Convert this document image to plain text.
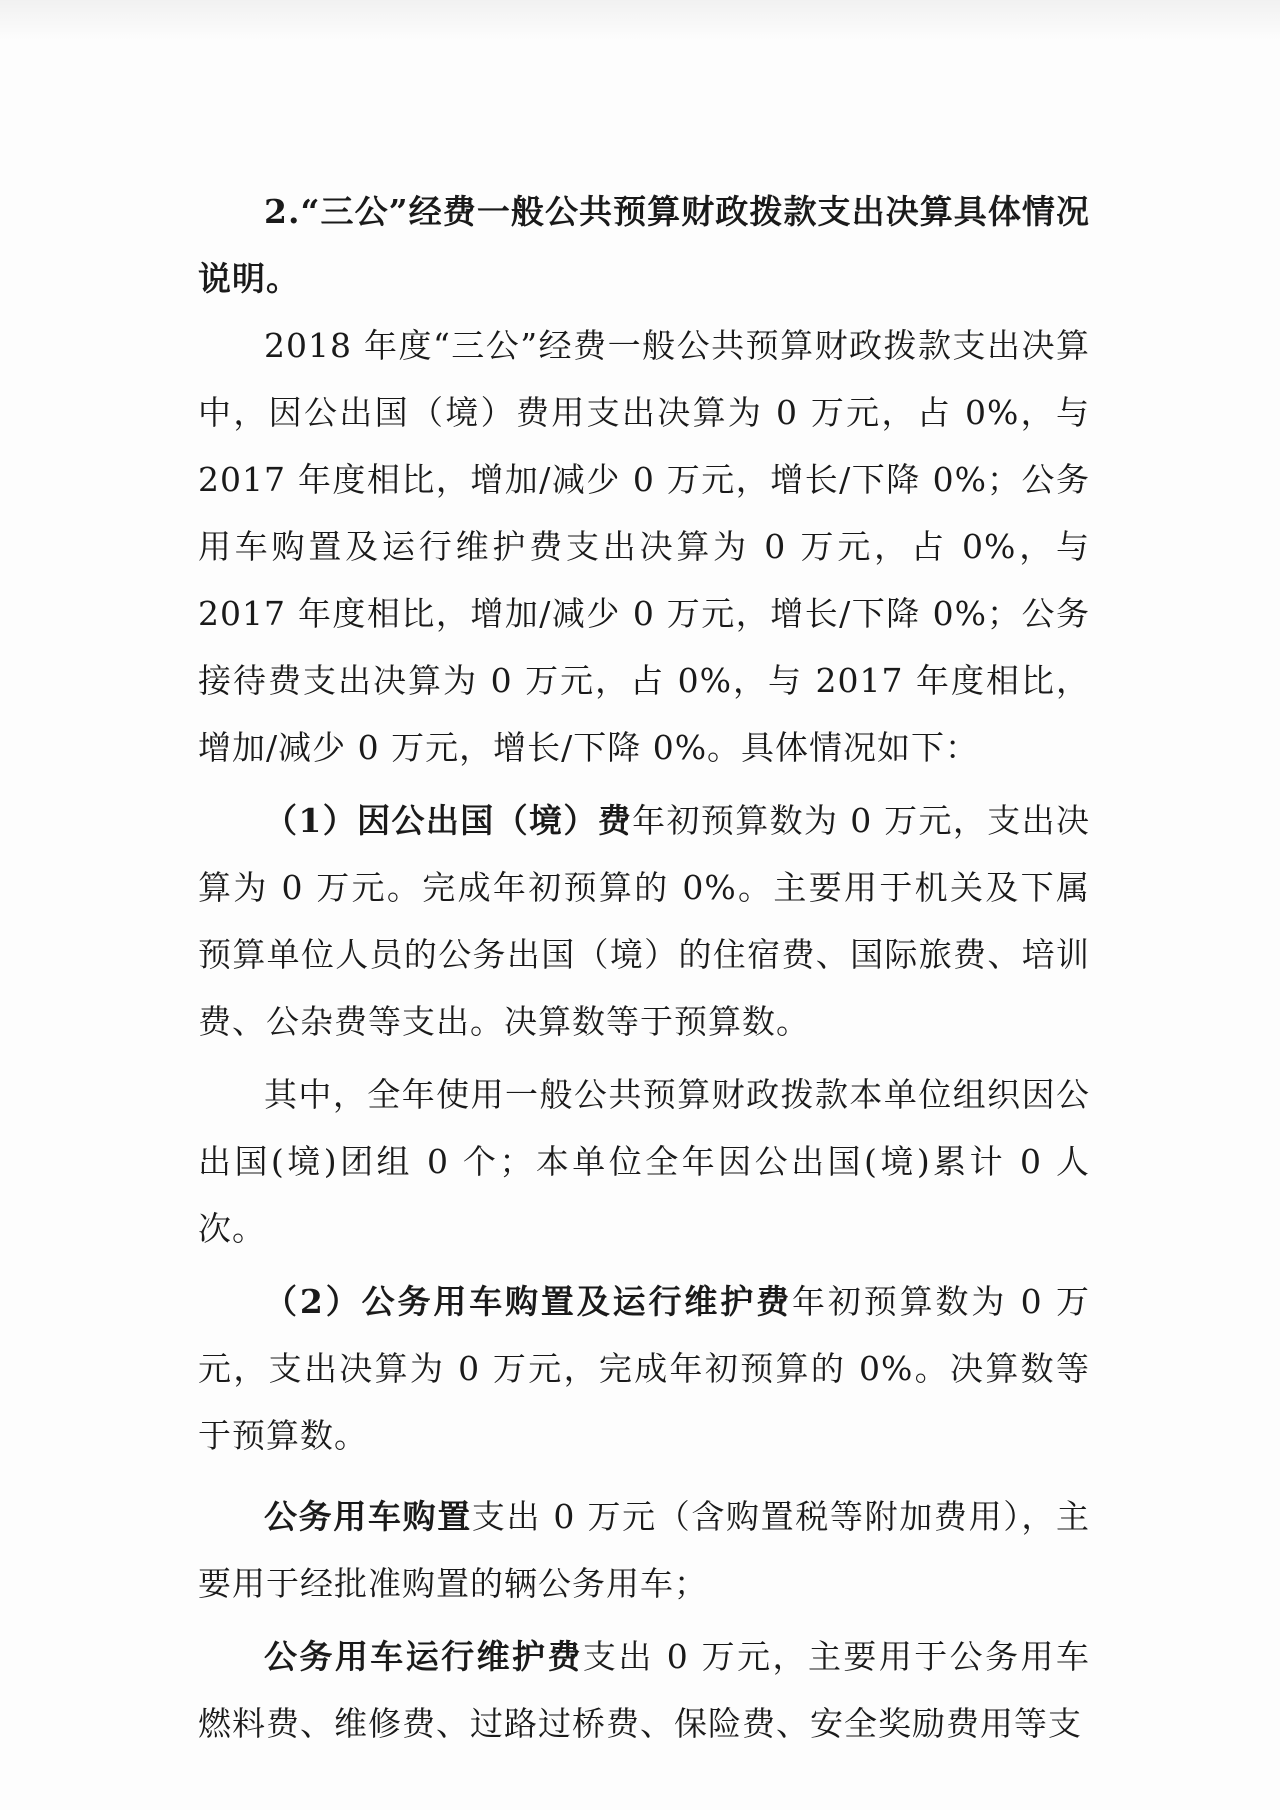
2.“三公”经费一般公共预算财政拨款支出决算具体情况说明。

2018 年度“三公”经费一般公共预算财政拨款支出决算中，因公出国（境）费用支出决算为 0 万元，占 0%，与 2017 年度相比，增加/减少 0 万元，增长/下降 0%；公务用车购置及运行维护费支出决算为 0 万元，占 0%，与 2017 年度相比，增加/减少 0 万元，增长/下降 0%；公务接待费支出决算为 0 万元，占 0%，与 2017 年度相比，增加/减少 0 万元，增长/下降 0%。具体情况如下：

（1）因公出国（境）费年初预算数为 0 万元，支出决算为 0 万元。完成年初预算的 0%。主要用于机关及下属预算单位人员的公务出国（境）的住宿费、国际旅费、培训费、公杂费等支出。决算数等于预算数。

其中，全年使用一般公共预算财政拨款本单位组织因公出国(境)团组 0 个；本单位全年因公出国(境)累计 0 人次。

（2）公务用车购置及运行维护费年初预算数为 0 万元，支出决算为 0 万元，完成年初预算的 0%。决算数等于预算数。

公务用车购置支出 0 万元（含购置税等附加费用），主要用于经批准购置的辆公务用车；

公务用车运行维护费支出 0 万元，主要用于公务用车燃料费、维修费、过路过桥费、保险费、安全奖励费用等支
